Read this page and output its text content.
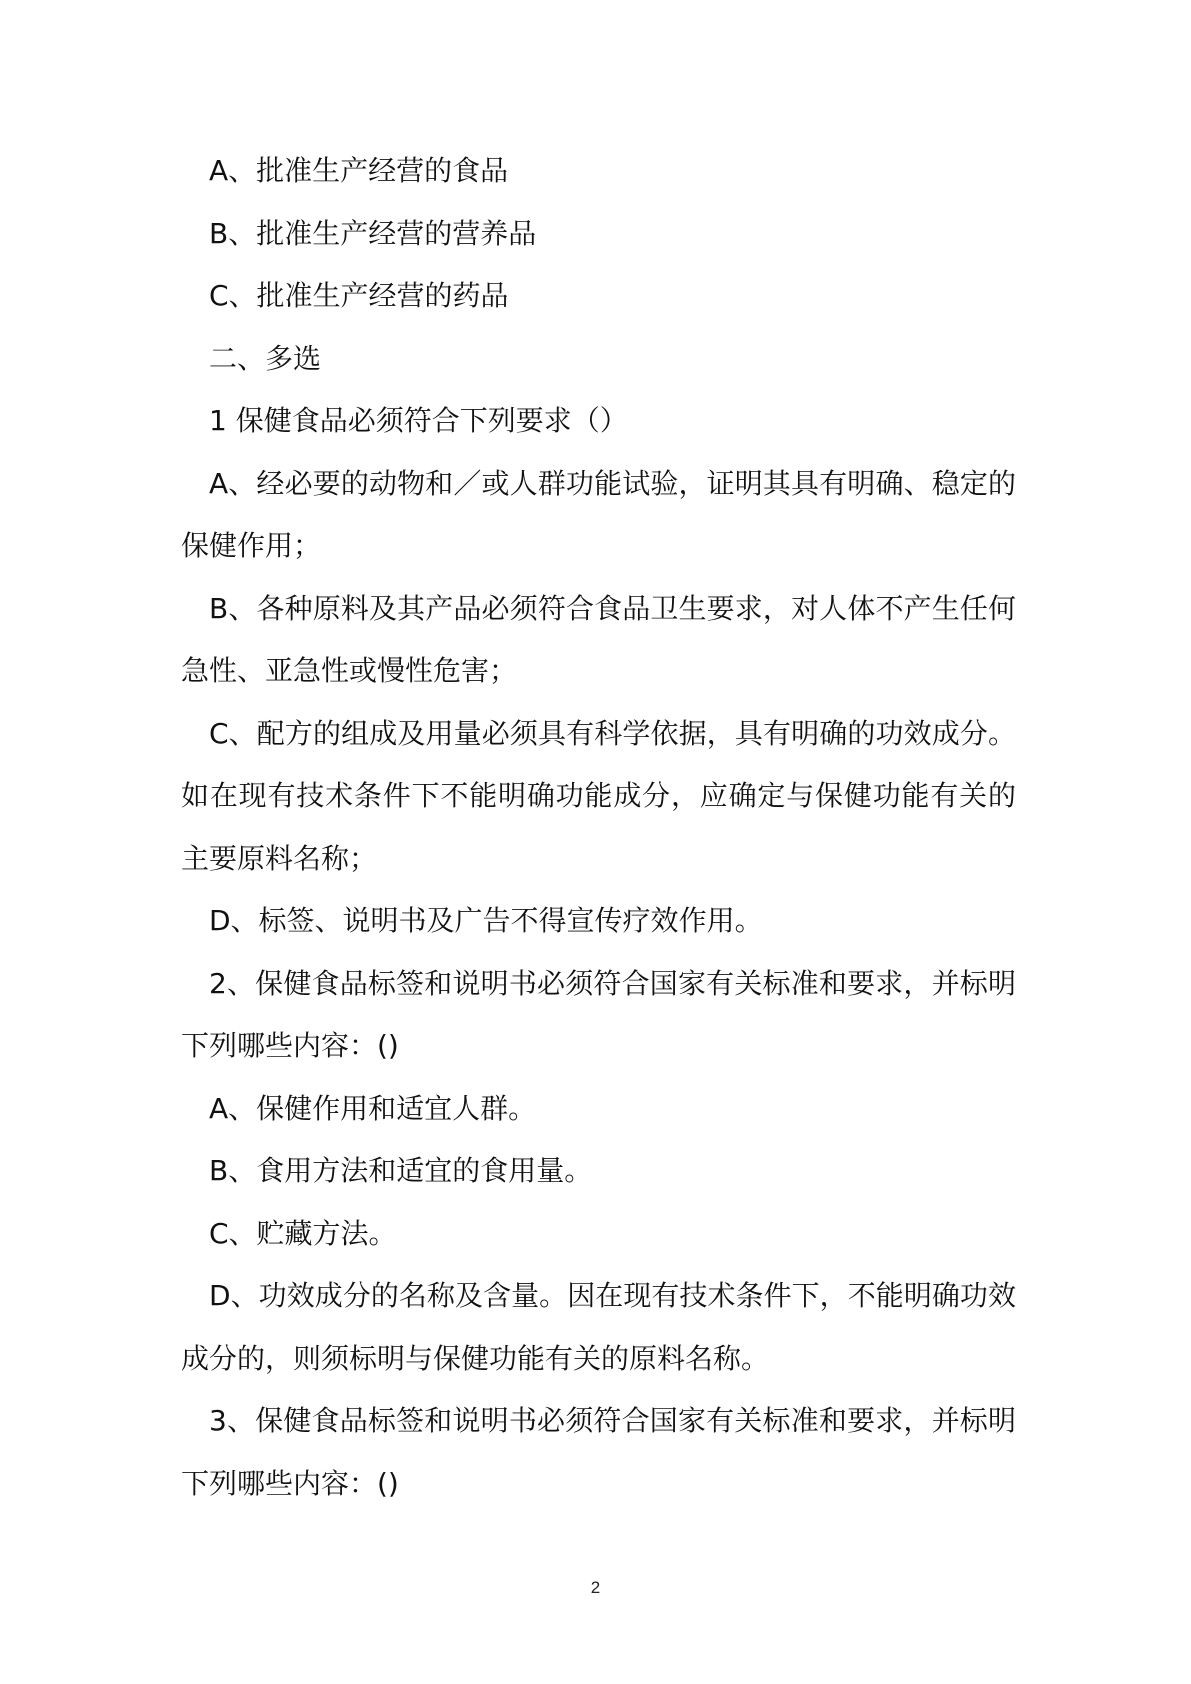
A、批准生产经营的食品

B、批准生产经营的营养品

C、批准生产经营的药品

二、多选

1 保健食品必须符合下列要求（）

A、经必要的动物和／或人群功能试验，证明其具有明确、稳定的保健作用；

B、各种原料及其产品必须符合食品卫生要求，对人体不产生任何急性、亚急性或慢性危害；

C、配方的组成及用量必须具有科学依据，具有明确的功效成分。如在现有技术条件下不能明确功能成分，应确定与保健功能有关的主要原料名称；

D、标签、说明书及广告不得宣传疗效作用。

2、保健食品标签和说明书必须符合国家有关标准和要求，并标明下列哪些内容：()

A、保健作用和适宜人群。

B、食用方法和适宜的食用量。

C、贮藏方法。

D、功效成分的名称及含量。因在现有技术条件下，不能明确功效成分的，则须标明与保健功能有关的原料名称。

3、保健食品标签和说明书必须符合国家有关标准和要求，并标明下列哪些内容：()

2
